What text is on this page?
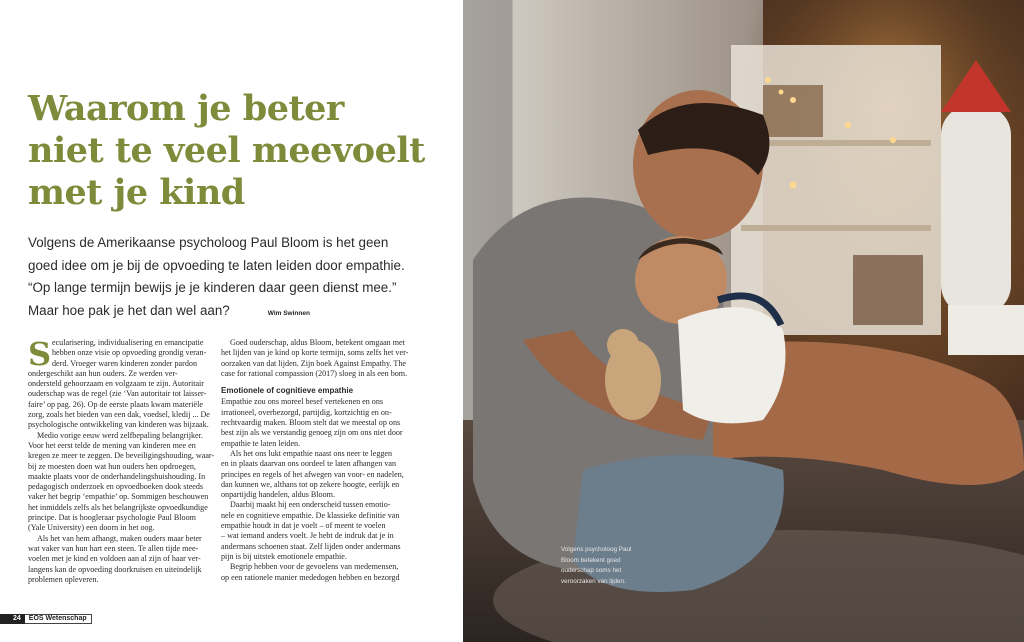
Waarom je beter
niet te veel meevoelt
met je kind

Volgens de Amerikaanse psycholoog Paul Bloom is het geen
goed idee om je bij de opvoeding te laten leiden door empathie.
“Op lange termijn bewijs je je kinderen daar geen dienst mee.”
Maar hoe pak je het dan wel aan?	Wim Swinnen

S ecularisering, individualisering en emancipatie
hebben onze visie op opvoeding grondig veran-
derd. Vroeger waren kinderen zonder pardon
ondergeschikt aan hun ouders. Ze werden ver-
ondersteld gehoorzaam en volgzaam te zijn. Autoritair
ouderschap was de regel (zie ‘Van autoritair tot laisser-
faire’ op pag. 26). Op de eerste plaats kwam materiële
zorg, zoals het bieden van een dak, voedsel, kledij ... De
psychologische ontwikkeling van kinderen was bijzaak.
Medio vorige eeuw werd zelfbepaling belangrijker.
Voor het eerst telde de mening van kinderen mee en
kregen ze meer te zeggen. De beveiligingshouding, waar-
bij ze moesten doen wat hun ouders hen opdroegen,
maakte plaats voor de onderhandelingshuishouding. In
pedagogisch onderzoek en opvoedboeken dook steeds
vaker het begrip ‘empathie’ op. Sommigen beschouwen
het inmiddels zelfs als het belangrijkste opvoedkundige
principe. Dat is hoogleraar psychologie Paul Bloom
(Yale University) een doorn in het oog.
Als het van hem afhangt, maken ouders maar beter
wat vaker van hun hart een steen. Te allen tijde mee-
voelen met je kind en voldoen aan al zijn of haar ver-
langens kan de opvoeding doorkruisen en uiteindelijk
problemen opleveren.
Goed ouderschap, aldus Bloom, betekent omgaan met
het lijden van je kind op korte termijn, soms zelfs het ver-
oorzaken van dat lijden. Zijn boek Against Empathy. The
case for rational compassion (2017) sloeg in als een bom.
Emotionele of cognitieve empathie
Empathie zou ons moreel besef vertekenen en ons
irrationeel, overbezorgd, partijdig, kortzichtig en on-
rechtvaardig maken. Bloom stelt dat we meestal op ons
best zijn als we verstandig genoeg zijn om ons niet door
empathie te laten leiden.
Als het ons lukt empathie naast ons neer te leggen
en in plaats daarvan ons oordeel te laten afhangen van
principes en regels of het afwegen van voor- en nadelen,
dan kunnen we, althans tot op zekere hoogte, eerlijk en
onpartijdig handelen, aldus Bloom.
Daarbij maakt hij een onderscheid tussen emotio-
nele en cognitieve empathie. De klassieke definitie van
empathie houdt in dat je voelt – of meent te voelen
– wat iemand anders voelt. Je hebt de indruk dat je in
andermans schoenen staat. Zelf lijden onder andermans
pijn is bij uitstek emotionele empathie.
Begrip hebben voor de gevoelens van medemensen,
op een rationele manier mededogen hebben en bezorgd
24	EOS Wetenschap
Volgens psycholoog Paul
Bloom betekent goed
ouderschap soms het
veroorzaken van lijden.
